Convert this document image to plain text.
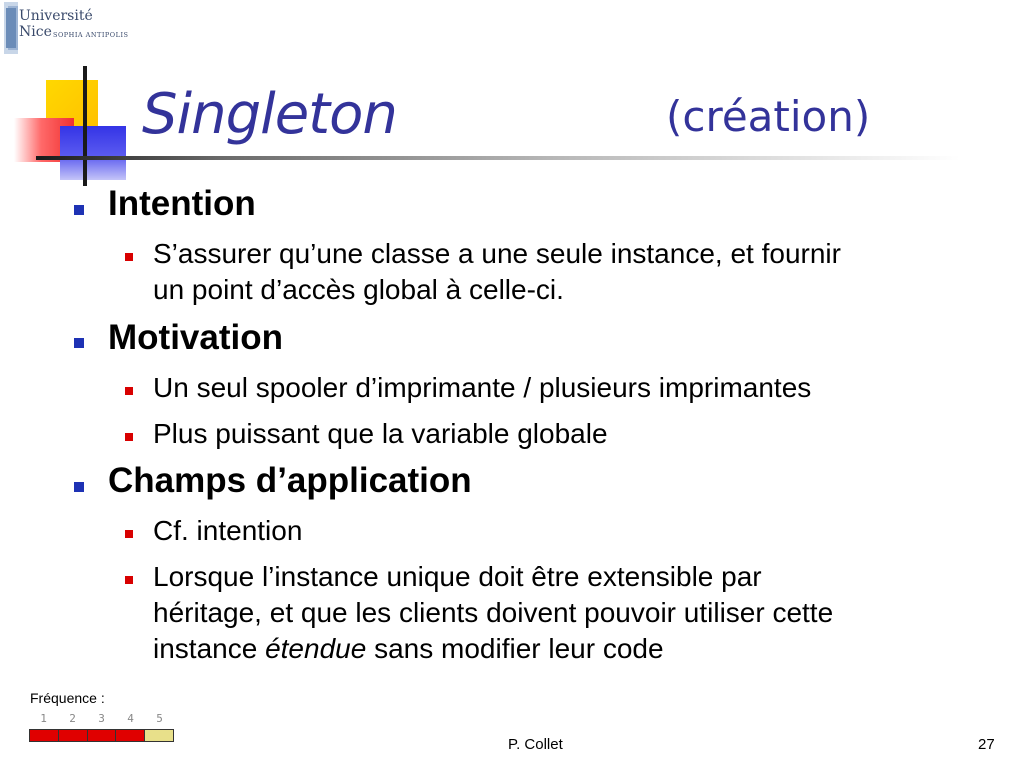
Université
Nice SOPHIA ANTIPOLIS
Singleton	(création)
Intention
S’assurer qu’une classe a une seule instance, et fournir
un point d’accès global à celle-ci.
Motivation
Un seul spooler d’imprimante / plusieurs imprimantes
Plus puissant que la variable globale
Champs d’application
Cf. intention
Lorsque l’instance unique doit être extensible par
héritage, et que les clients doivent pouvoir utiliser cette
instance étendue sans modifier leur code
Fréquence :
1	2	3	4	5
P. Collet	27
